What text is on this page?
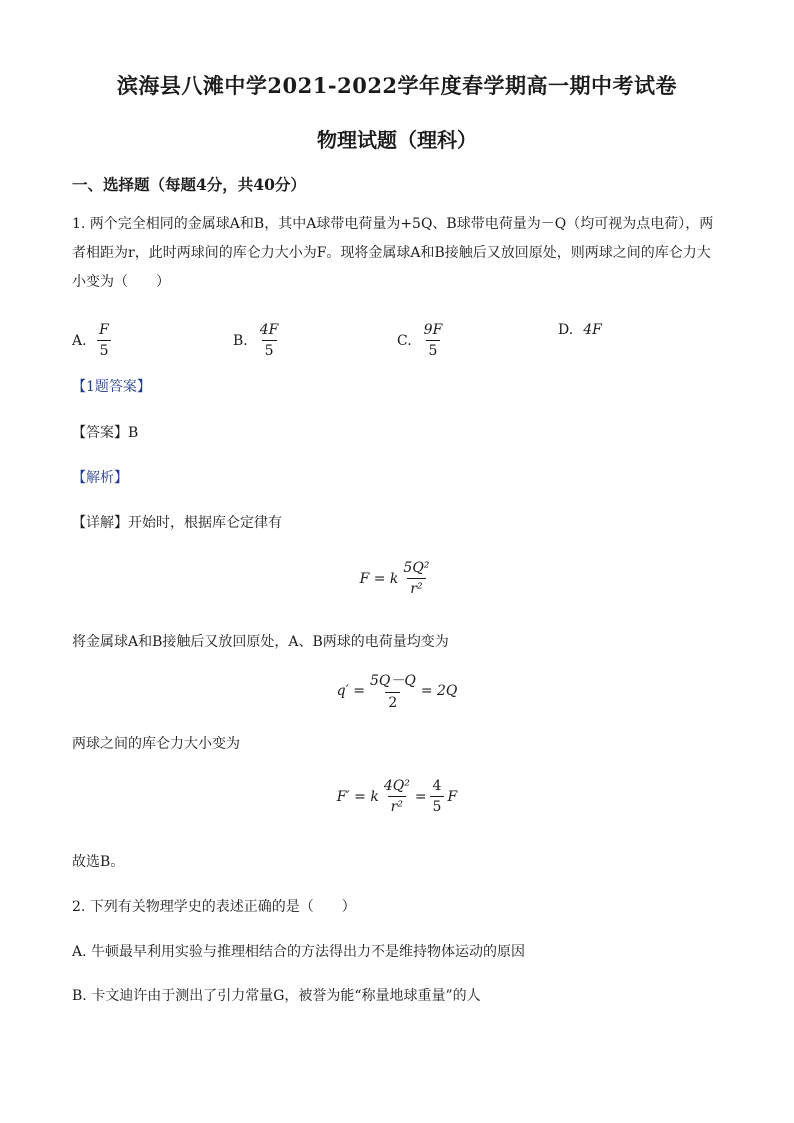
滨海县八滩中学2021-2022学年度春学期高一期中考试卷
物理试题（理科）
一、选择题（每题4分，共40分）
1. 两个完全相同的金属球A和B，其中A球带电荷量为+5Q、B球带电荷量为－Q（均可视为点电荷），两者相距为r，此时两球间的库仑力大小为F。现将金属球A和B接触后又放回原处，则两球之间的库仑力大小变为（　　）
A. $\frac{F}{5}$	B. $\frac{4F}{5}$	C. $\frac{9F}{5}$	D. 4F
【1题答案】
【答案】B
【解析】
【详解】开始时，根据库仑定律有
F = k $\frac{\text{5Q²}}{\text{r²}}$
将金属球A和B接触后又放回原处，A、B两球的电荷量均变为
$q' = \frac{5Q-Q}{2} = 2Q$
两球之间的库仑力大小变为
F′ = k $\frac{\text{4Q²}}{\text{r²}} = \frac{4}{5}$ F
故选B。
2. 下列有关物理学史的表述正确的是（　　）
A. 牛顿最早利用实验与推理相结合的方法得出力不是维持物体运动的原因
B. 卡文迪许由于测出了引力常量G，被誉为能“称量地球重量”的人
